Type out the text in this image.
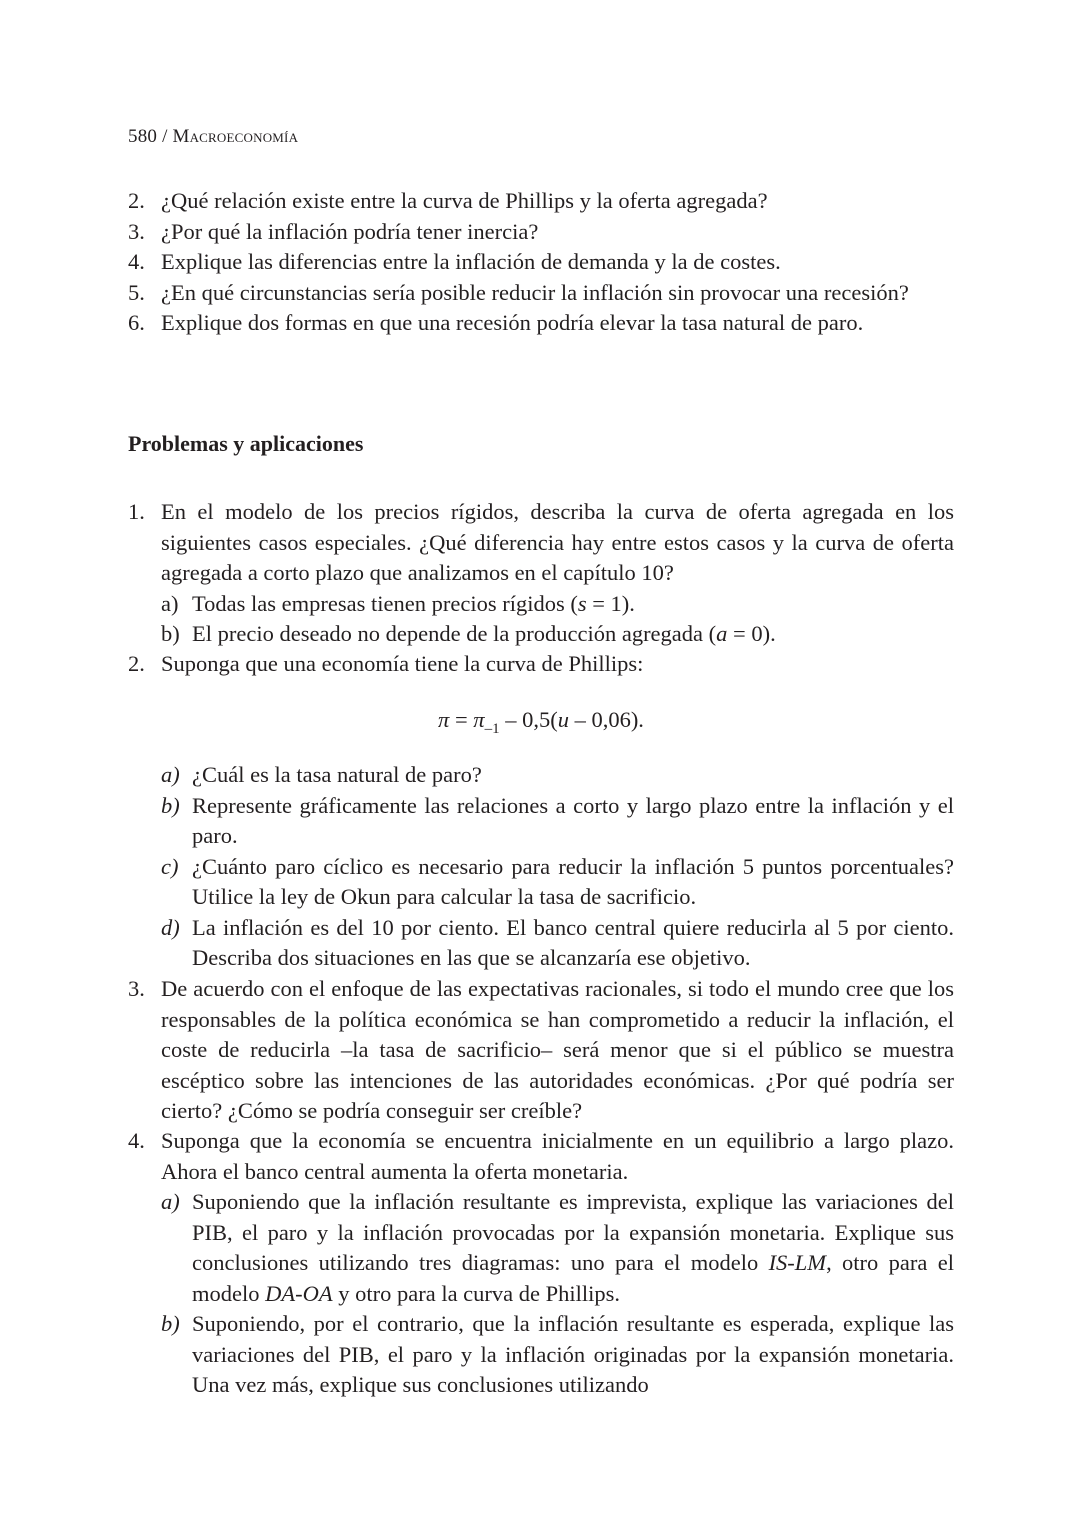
580 / Macroeconomía
2. ¿Qué relación existe entre la curva de Phillips y la oferta agregada?
3. ¿Por qué la inflación podría tener inercia?
4. Explique las diferencias entre la inflación de demanda y la de costes.
5. ¿En qué circunstancias sería posible reducir la inflación sin provocar una recesión?
6. Explique dos formas en que una recesión podría elevar la tasa natural de paro.
Problemas y aplicaciones
1. En el modelo de los precios rígidos, describa la curva de oferta agregada en los siguientes casos especiales. ¿Qué diferencia hay entre estos casos y la curva de oferta agregada a corto plazo que analizamos en el capítulo 10?
a) Todas las empresas tienen precios rígidos (s = 1).
b) El precio deseado no depende de la producción agregada (a = 0).
2. Suponga que una economía tiene la curva de Phillips:
$\pi = \pi_{-1} - 0,5(u - 0,06)$.
a) ¿Cuál es la tasa natural de paro?
b) Represente gráficamente las relaciones a corto y largo plazo entre la inflación y el paro.
c) ¿Cuánto paro cíclico es necesario para reducir la inflación 5 puntos porcentuales? Utilice la ley de Okun para calcular la tasa de sacrificio.
d) La inflación es del 10 por ciento. El banco central quiere reducirla al 5 por ciento. Describa dos situaciones en las que se alcanzaría ese objetivo.
3. De acuerdo con el enfoque de las expectativas racionales, si todo el mundo cree que los responsables de la política económica se han comprometido a reducir la inflación, el coste de reducirla –la tasa de sacrificio– será menor que si el público se muestra escéptico sobre las intenciones de las autoridades económicas. ¿Por qué podría ser cierto? ¿Cómo se podría conseguir ser creíble?
4. Suponga que la economía se encuentra inicialmente en un equilibrio a largo plazo. Ahora el banco central aumenta la oferta monetaria.
a) Suponiendo que la inflación resultante es imprevista, explique las variaciones del PIB, el paro y la inflación provocadas por la expansión monetaria. Explique sus conclusiones utilizando tres diagramas: uno para el modelo IS-LM, otro para el modelo DA-OA y otro para la curva de Phillips.
b) Suponiendo, por el contrario, que la inflación resultante es esperada, explique las variaciones del PIB, el paro y la inflación originadas por la expansión monetaria. Una vez más, explique sus conclusiones utilizando
